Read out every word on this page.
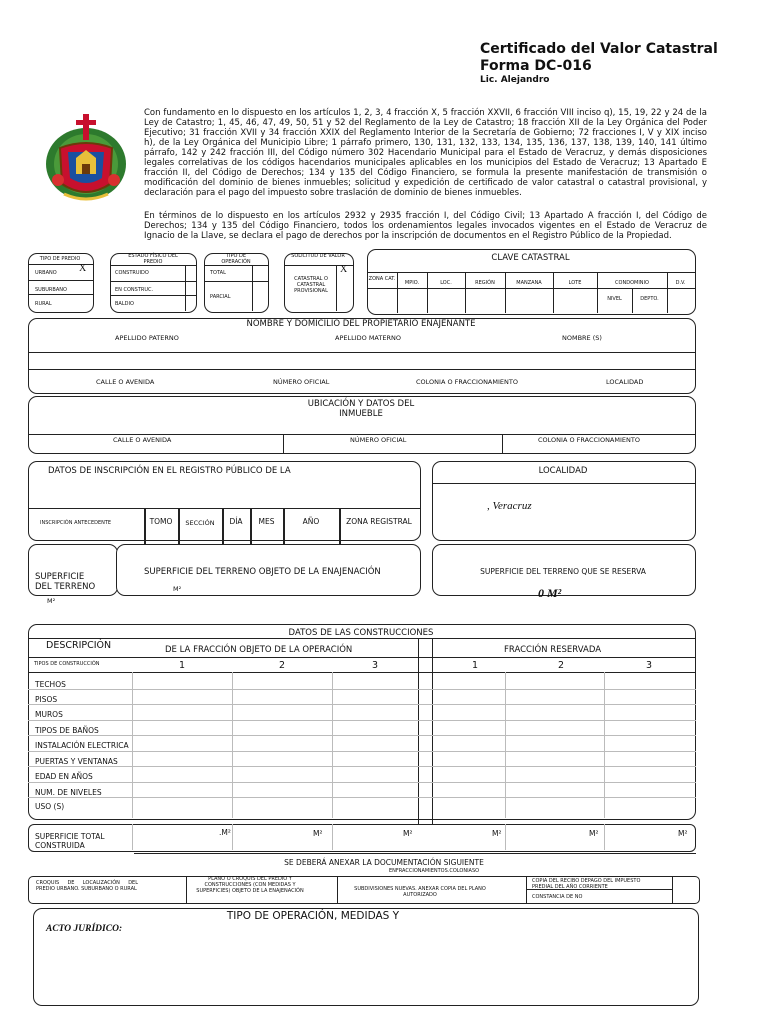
Certificado del Valor Catastral
Forma DC-016
Lic. Alejandro
Con fundamento en lo dispuesto en los artículos 1, 2, 3, 4 fracción X, 5 fracción XXVII, 6 fracción VIII inciso q), 15, 19, 22 y 24 de la Ley de Catastro; 1, 45, 46, 47, 49, 50, 51 y 52 del Reglamento de la Ley de Catastro; 18 fracción XII de la Ley Orgánica del Poder Ejecutivo; 31 fracción XVII y 34 fracción XXIX del Reglamento Interior de la Secretaría de Gobierno; 72 fracciones I, V y XIX inciso h), de la Ley Orgánica del Municipio Libre; 1 párrafo primero, 130, 131, 132, 133, 134, 135, 136, 137, 138, 139, 140, 141 último párrafo, 142 y 242 fracción III, del Código número 302 Hacendario Municipal para el Estado de Veracruz, y demás disposiciones legales correlativas de los códigos hacendarios municipales aplicables en los municipios del Estado de Veracruz; 13 Apartado E fracción II, del Código de Derechos; 134 y 135 del Código Financiero, se formula la presente manifestación de transmisión o modificación del dominio de bienes inmuebles; solicitud y expedición de certificado de valor catastral o catastral provisional, y declaración para el pago del impuesto sobre traslación de dominio de bienes inmuebles.
En términos de lo dispuesto en los artículos 2932 y 2935 fracción I, del Código Civil; 13 Apartado A fracción I, del Código de Derechos; 134 y 135 del Código Financiero, todos los ordenamientos legales invocados vigentes en el Estado de Veracruz de Ignacio de la Llave, se declara el pago de derechos por la inscripción de documentos en el Registro Público de la Propiedad.
TIPO DE PREDIO
URBANO X
SUBURBANO
RURAL
ESTADO FÍSICO DEL PREDIO
CONSTRUIDO
EN CONSTRUC.
BALDIO
TIPO DE OPERACIÓN
TOTAL
PARCIAL
SOLICITUD DE VALOR
CATASTRAL O CATASTRAL PROVISIONAL
X
CLAVE CATASTRAL
ZONA CAT.
MPIO.	LOC.	REGIÓN	MANZANA	LOTE	CONDOMINIO	D.V.
NIVEL	DEPTO.
NOMBRE Y DOMICILIO DEL PROPIETARIO ENAJENANTE
APELLIDO PATERNO	APELLIDO MATERNO	NOMBRE (S)
CALLE O AVENIDA	NÚMERO OFICIAL	COLONIA O FRACCIONAMIENTO	LOCALIDAD
UBICACIÓN Y DATOS DEL
INMUEBLE
CALLE O AVENIDA	NÚMERO OFICIAL	COLONIA O FRACCIONAMIENTO
DATOS DE INSCRIPCIÓN EN EL REGISTRO PÚBLICO DE LA
INSCRIPCIÓN ANTECEDENTE	TOMO	SECCIÓN	DÍA	MES	AÑO	ZONA REGISTRAL
LOCALIDAD
, Veracruz
SUPERFICIE
DEL TERRENO
M²
SUPERFICIE DEL TERRENO OBJETO DE LA ENAJENACIÓN
M²
SUPERFICIE DEL TERRENO QUE SE RESERVA
0 M²
DATOS DE LAS CONSTRUCCIONES
DESCRIPCIÓN	DE LA FRACCIÓN OBJETO DE LA OPERACIÓN	FRACCIÓN RESERVADA
TIPOS DE CONSTRUCCIÓN	1	2	3	1	2	3
TECHOS
PISOS
MUROS
TIPOS DE BAÑOS
INSTALACIÓN ELECTRICA
PUERTAS Y VENTANAS
EDAD EN AÑOS
NUM. DE NIVELES
USO (S)
SUPERFICIE TOTAL
CONSTRUIDA
.M²	M²	M²	M²	M²	M²
SE DEBERÁ ANEXAR LA DOCUMENTACIÓN SIGUIENTE
ENFRACCIONAMIENTOS.COLONIASO
CROQUIS DE LOCALIZACIÓN DEL PREDIO URBANO. SUBURBANO O RURAL
PLANO O CROQUIS DEL PREDIO Y CONSTRUCCIONES (CON MEDIDAS Y SUPERFICIES) OBJETO DE LA ENAJENACIÓN	SUBDIVISIONES NUEVAS. ANEXAR COPIA DEL PLANO AUTORIZADO
COPIA DEL RECIBO DEPAGO DEL IMPUESTO PREDIAL DEL AÑO CORRIENTE
CONSTANCIA DE NO
TIPO DE OPERACIÓN, MEDIDAS Y
ACTO JURÍDICO:
